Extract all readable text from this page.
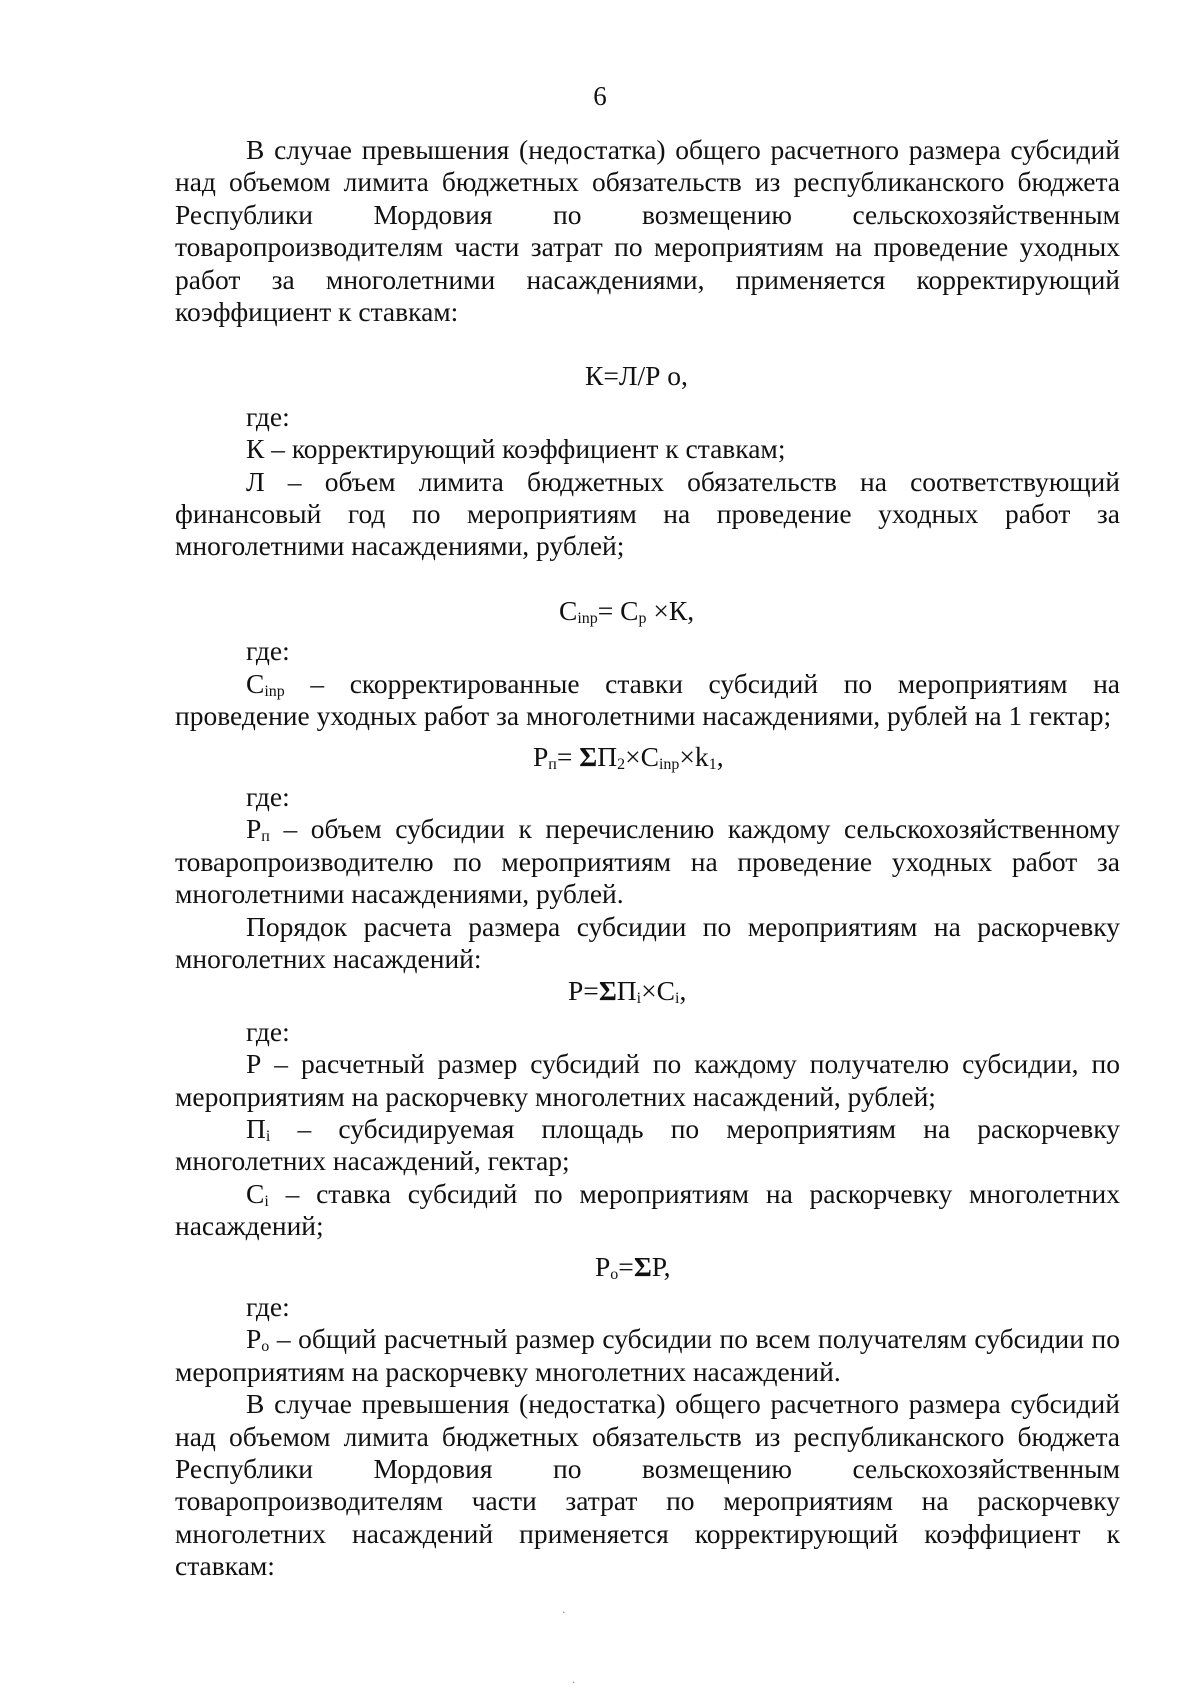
6

В случае превышения (недостатка) общего расчетного размера субсидий над объемом лимита бюджетных обязательств из республиканского бюджета Республики Мордовия по возмещению сельскохозяйственным товаропроизводителям части затрат по мероприятиям на проведение уходных работ за многолетними насаждениями, применяется корректирующий коэффициент к ставкам:

К=Л/Р о,

где:

К – корректирующий коэффициент к ставкам;

Л – объем лимита бюджетных обязательств на соответствующий финансовый год по мероприятиям на проведение уходных работ за многолетними насаждениями, рублей;

$С_{inp}= С_р \times К$,

где:

$С_{inp}$ – скорректированные ставки субсидий по мероприятиям на проведение уходных работ за многолетними насаждениями, рублей на 1 гектар;

$Р_п= \Sigma П_2\times С_{inp}\times k_1$,

где:

$Р_п$ – объем субсидии к перечислению каждому сельскохозяйственному товаропроизводителю по мероприятиям на проведение уходных работ за многолетними насаждениями, рублей.

Порядок расчета размера субсидии по мероприятиям на раскорчевку многолетних насаждений:

$Р=\Sigma П_i\times С_i$,

где:

Р – расчетный размер субсидий по каждому получателю субсидии, по мероприятиям на раскорчевку многолетних насаждений, рублей;

$П_i$ – субсидируемая площадь по мероприятиям на раскорчевку многолетних насаждений, гектар;

$С_i$ – ставка субсидий по мероприятиям на раскорчевку многолетних насаждений;

$Р_о=\Sigma Р$,

где:

$Р_о$ – общий расчетный размер субсидии по всем получателям субсидии по мероприятиям на раскорчевку многолетних насаждений.

В случае превышения (недостатка) общего расчетного размера субсидий над объемом лимита бюджетных обязательств из республиканского бюджета Республики Мордовия по возмещению сельскохозяйственным товаропроизводителям части затрат по мероприятиям на раскорчевку многолетних насаждений применяется корректирующий коэффициент к ставкам:

·
·
